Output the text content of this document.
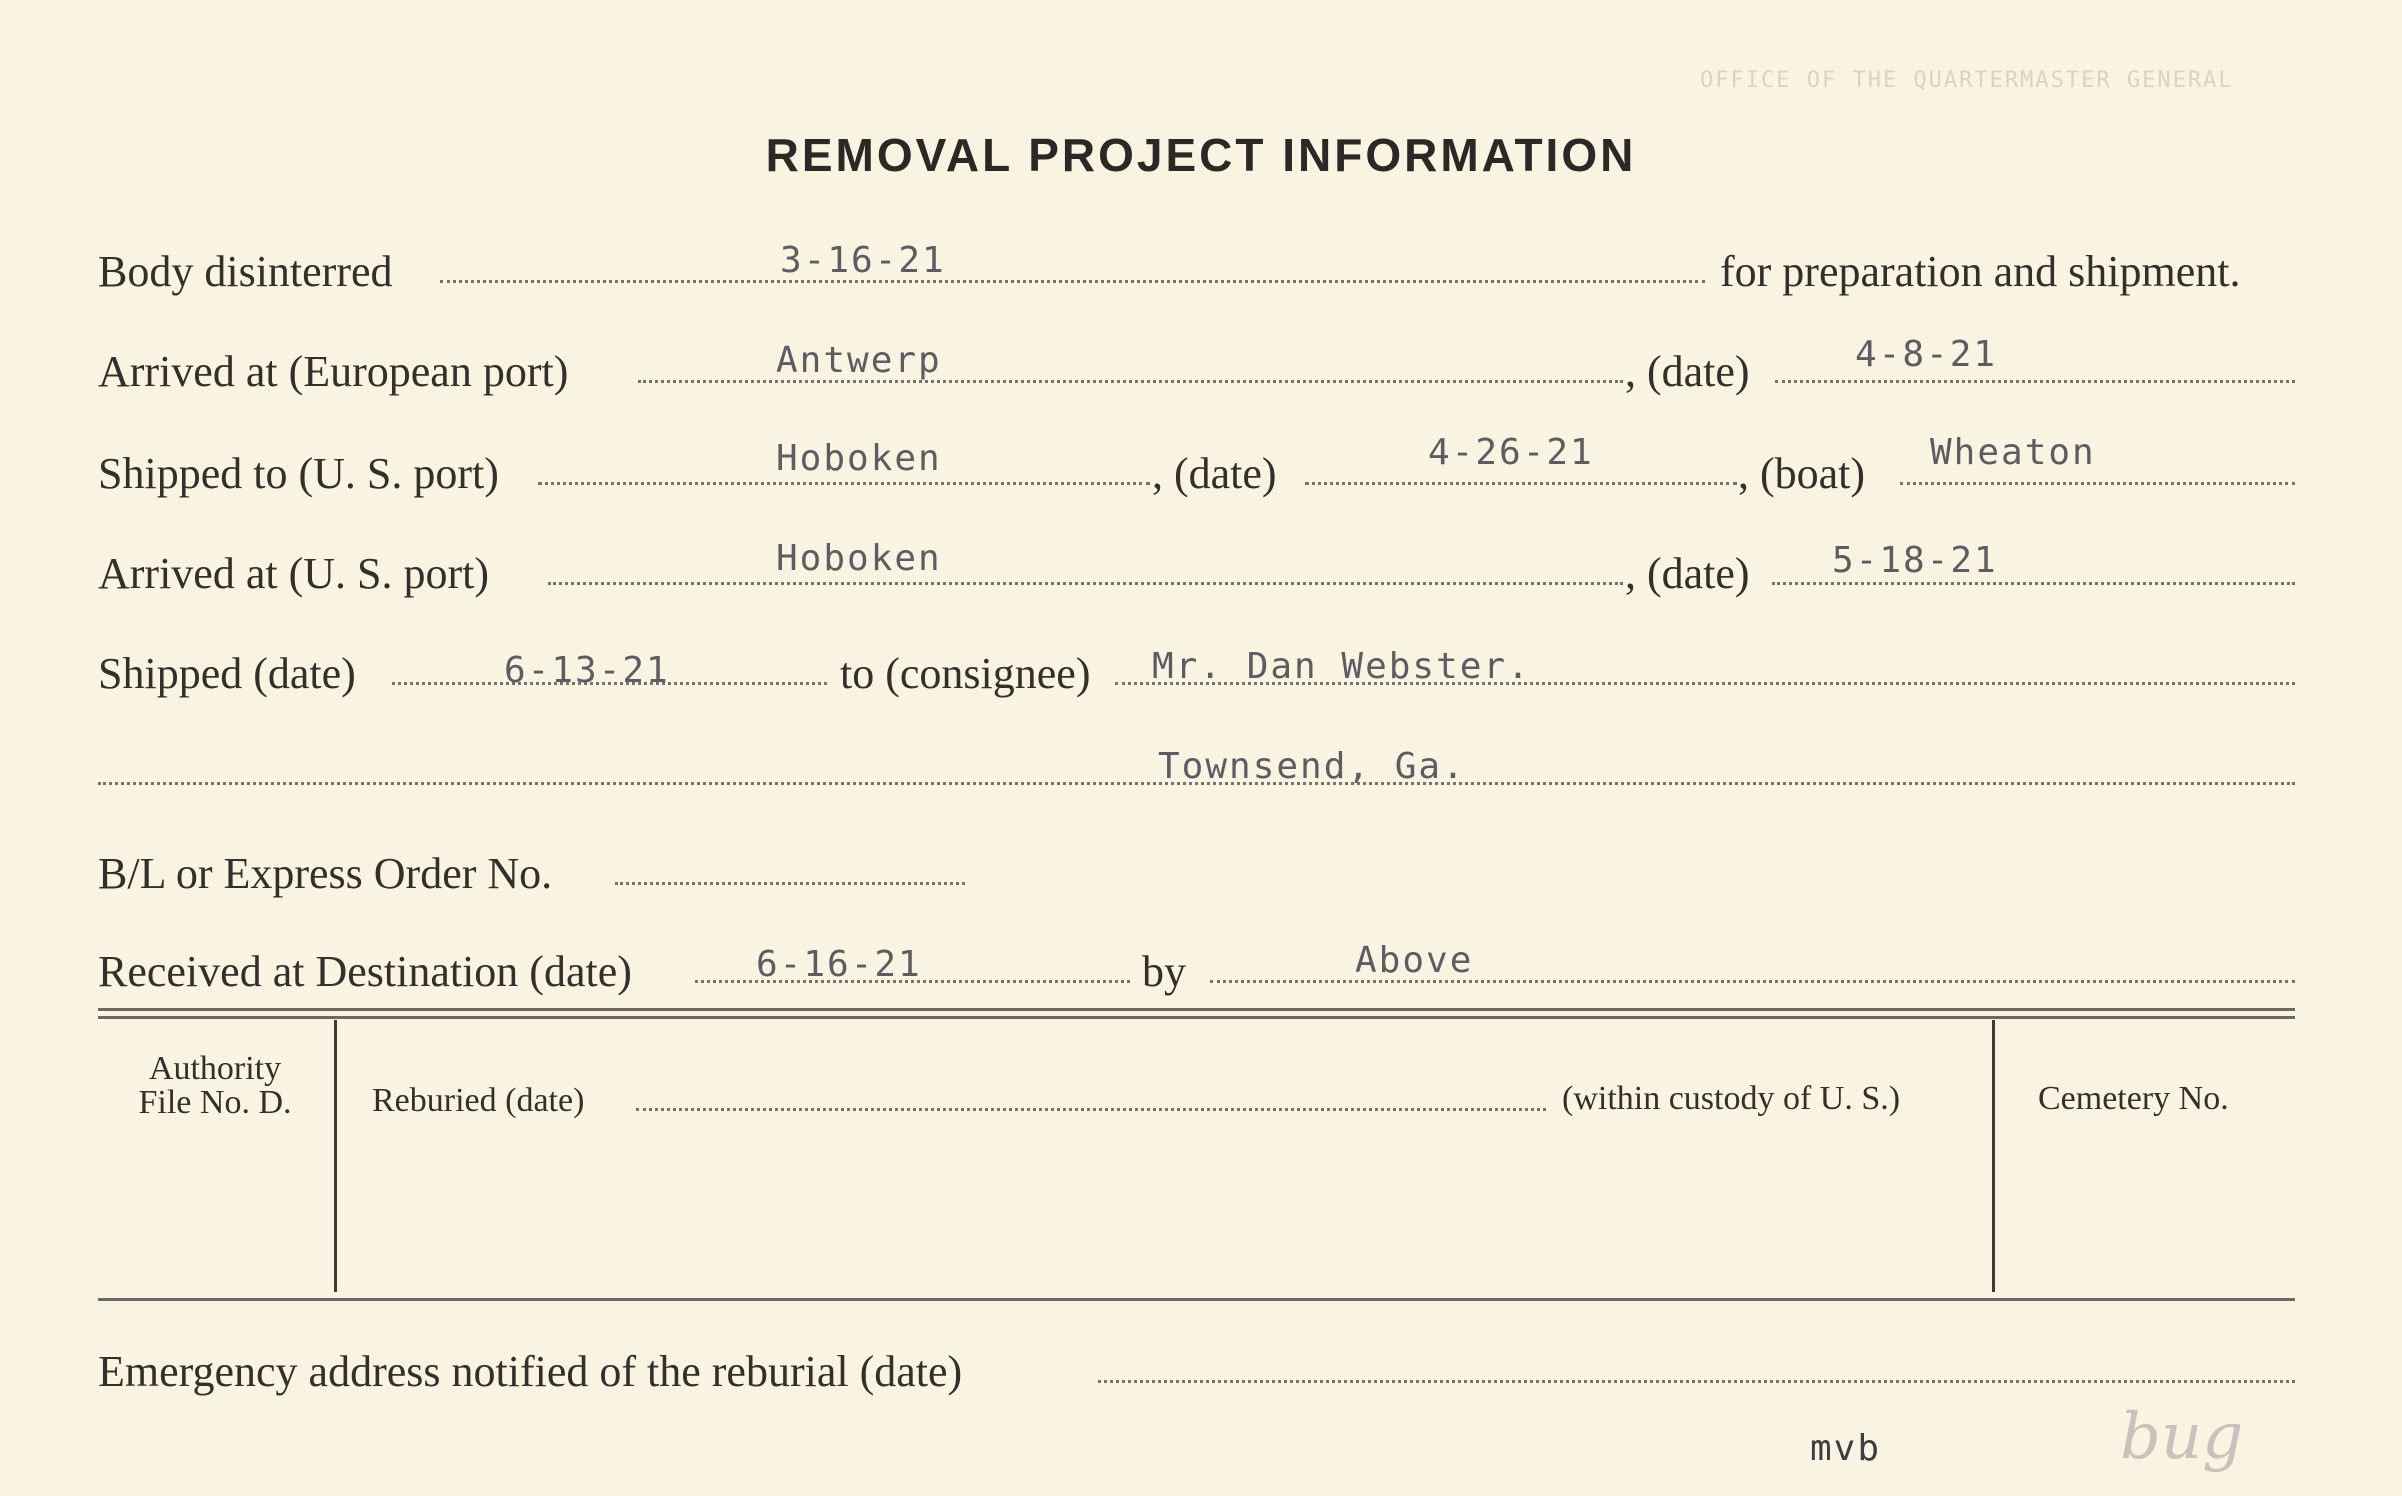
OFFICE OF THE QUARTERMASTER GENERAL
REMOVAL PROJECT INFORMATION
Body disinterred	3-16-21	for preparation and shipment.
Arrived at (European port)	Antwerp	, (date)	4-8-21
Shipped to (U. S. port)	Hoboken	, (date)	4-26-21	, (boat) Wheaton
Arrived at (U. S. port)	Hoboken	, (date) 5-18-21
Shipped (date)	6-13-21	to (consignee) Mr. Dan Webster.
Townsend, Ga.
B/L or Express Order No.
Received at Destination (date)	6-16-21	by	Above
Authority
File No. D.	Reburied (date)	(within custody of U. S.)	Cemetery No.
Emergency address notified of the reburial (date)
mvb	bug
